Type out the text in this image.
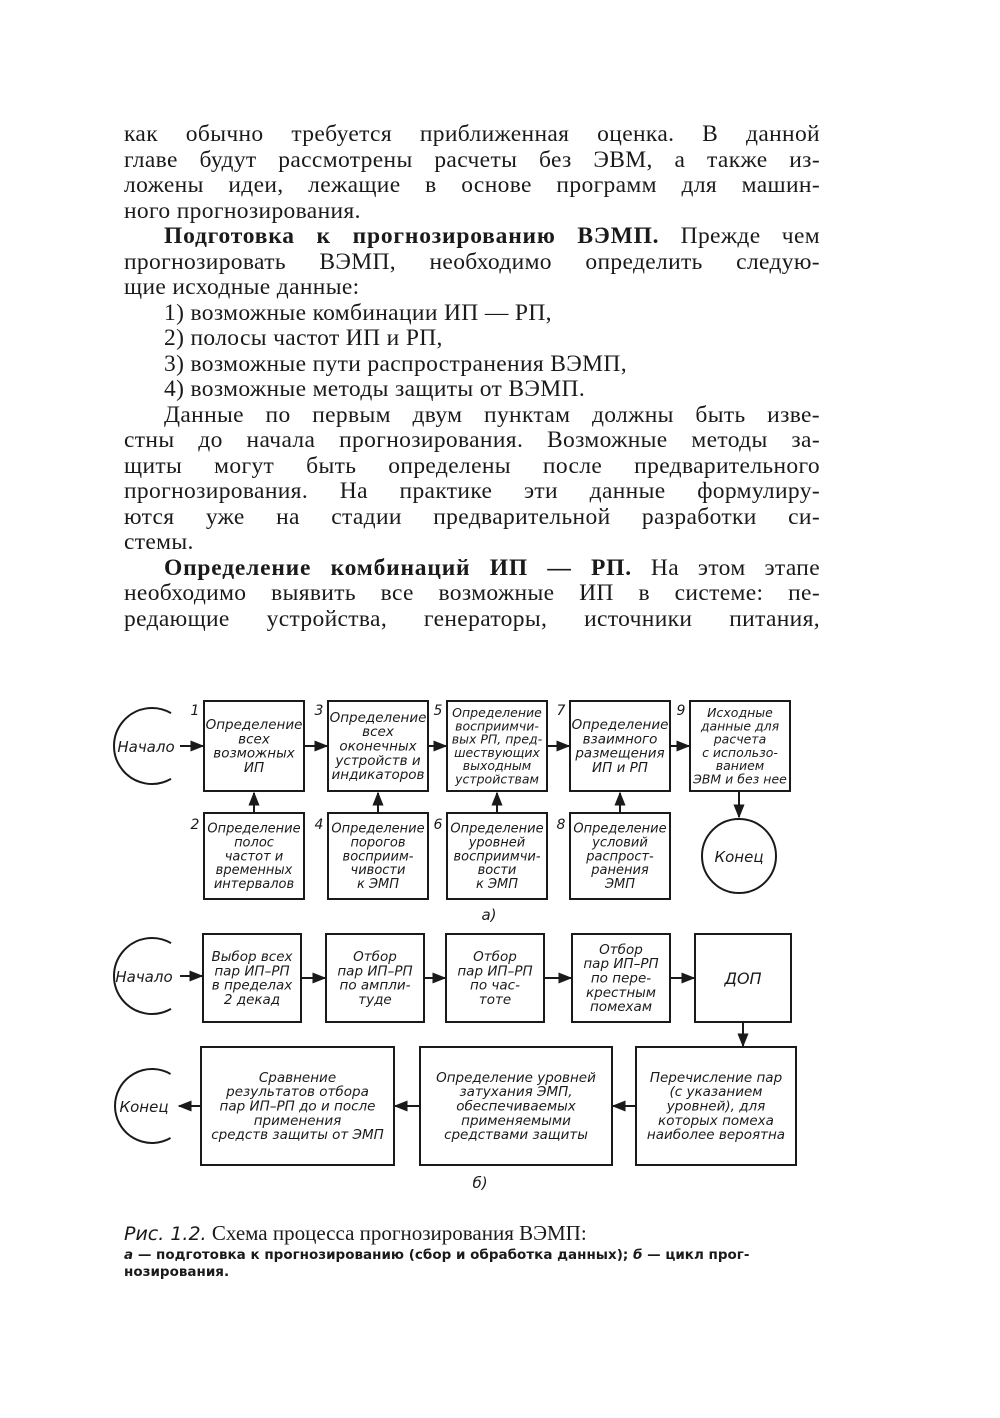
как обычно требуется приближенная оценка. В данной
главе будут рассмотрены расчеты без ЭВМ, а также из-
ложены идеи, лежащие в основе программ для машин-
ного прогнозирования.
Подготовка к прогнозированию ВЭМП. Прежде чем
прогнозировать ВЭМП, необходимо определить следую-
щие исходные данные:
1) возможные комбинации ИП — РП,
2) полосы частот ИП и РП,
3) возможные пути распространения ВЭМП,
4) возможные методы защиты от ВЭМП.
Данные по первым двум пунктам должны быть изве-
стны до начала прогнозирования. Возможные методы за-
щиты могут быть определены после предварительного
прогнозирования. На практике эти данные формулиру-
ются уже на стадии предварительной разработки си-
стемы.
Определение комбинаций ИП — РП. На этом этапе
необходимо выявить все возможные ИП в системе: пе-
редающие устройства, генераторы, источники питания,
Начало
1
Определение
всех
возможных
ИП
3 Определение
всех
оконечных
устройств и
индикаторов
5 Определение
восприимчи-
вых РП, пред-
шествующих
выходным
устройствам
7
Определение
взаимного
размещения
ИП и РП
9 Исходные
данные для
расчета
с использо-
ванием
ЭВМ и без нее
2 Определение
полос
частот и
временных
интервалов
4 Определение
порогов
восприим-
чивости
к ЭМП
6 Определение
уровней
восприимчи-
вости
к ЭМП
8 Определение
условий
распрост-
ранения
ЭМП
Конец
а)
Начало
Выбор всех
пар ИП–РП
в пределах
2 декад
Отбор
пар ИП–РП
по ампли-
туде
Отбор
пар ИП–РП
по час-
тоте
Отбор
пар ИП–РП
по пере-
крестным
помехам
ДОП
Перечисление пар
(с указанием
уровней), для
которых помеха
наиболее вероятна
Определение уровней
затухания ЭМП,
обеспечиваемых
применяемыми
средствами защиты
Сравнение
результатов отбора
пар ИП–РП до и после
применения
средств защиты от ЭМП
Конец
б)
Рис. 1.2. Схема процесса прогнозирования ВЭМП:
а — подготовка к прогнозированию (сбор и обработка данных); б — цикл прог-
нозирования.
